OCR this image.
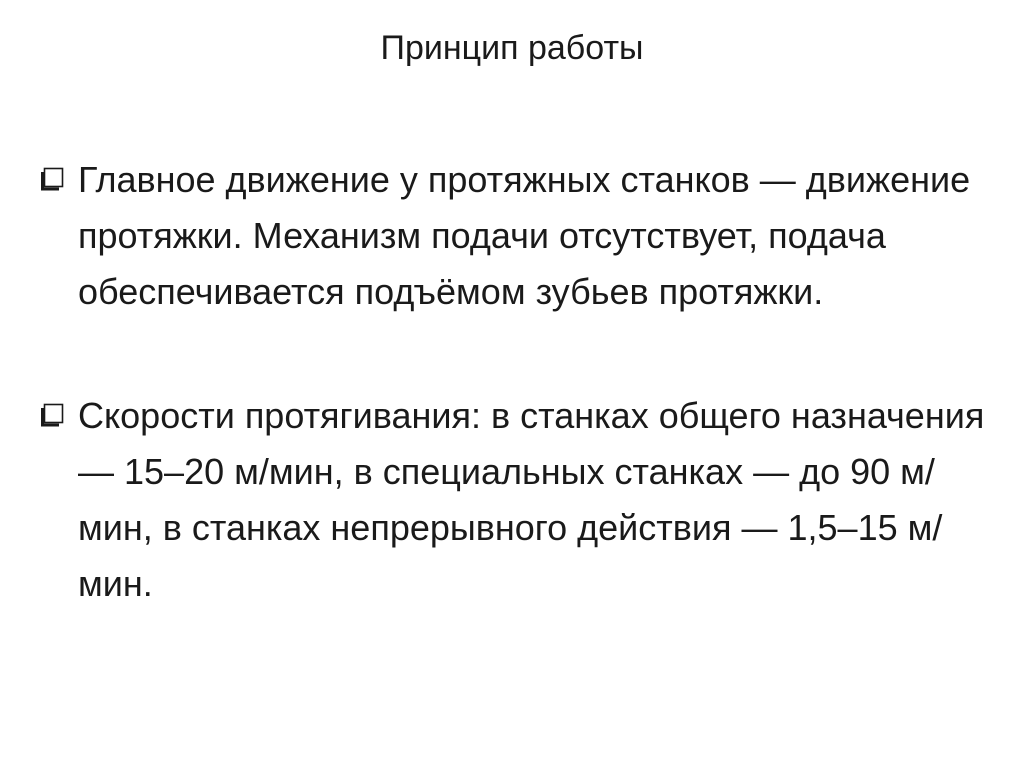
Принцип работы
Главное движение у протяжных станков — движение протяжки. Механизм подачи отсутствует, подача обеспечивается подъёмом зубьев протяжки.
Скорости протягивания: в станках общего назначения — 15–20 м/мин, в специальных станках — до 90 м/мин, в станках непрерывного действия — 1,5–15 м/мин.
